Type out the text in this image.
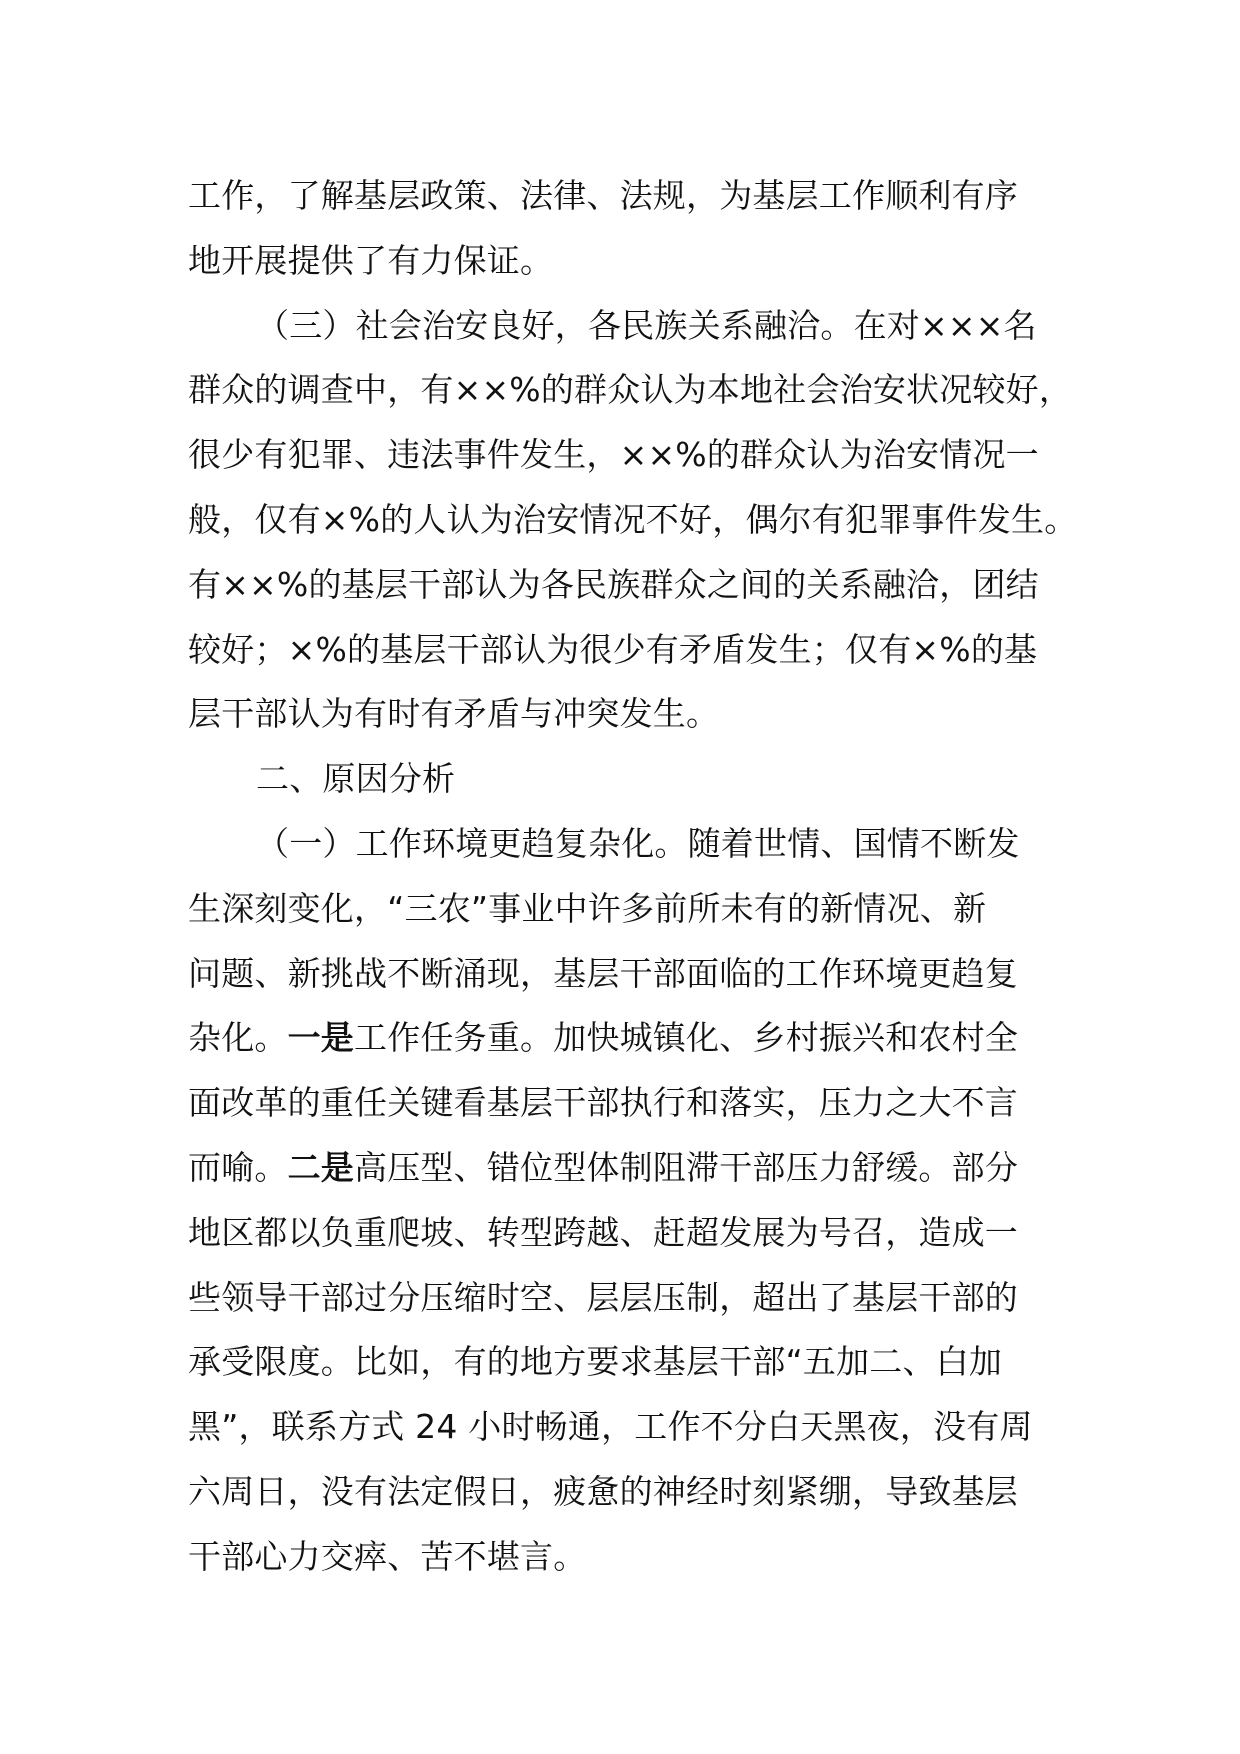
工作，了解基层政策、法律、法规，为基层工作顺利有序
地开展提供了有力保证。
（三）社会治安良好，各民族关系融洽。在对×××名
群众的调查中，有××%的群众认为本地社会治安状况较好，
很少有犯罪、违法事件发生，××%的群众认为治安情况一
般，仅有×%的人认为治安情况不好，偶尔有犯罪事件发生。
有××%的基层干部认为各民族群众之间的关系融洽，团结
较好；×%的基层干部认为很少有矛盾发生；仅有×%的基
层干部认为有时有矛盾与冲突发生。
二、原因分析
（一）工作环境更趋复杂化。随着世情、国情不断发
生深刻变化，“三农”事业中许多前所未有的新情况、新
问题、新挑战不断涌现，基层干部面临的工作环境更趋复
杂化。一是工作任务重。加快城镇化、乡村振兴和农村全
面改革的重任关键看基层干部执行和落实，压力之大不言
而喻。二是高压型、错位型体制阻滞干部压力舒缓。部分
地区都以负重爬坡、转型跨越、赶超发展为号召，造成一
些领导干部过分压缩时空、层层压制，超出了基层干部的
承受限度。比如，有的地方要求基层干部“五加二、白加
黑”，联系方式 24 小时畅通，工作不分白天黑夜，没有周
六周日，没有法定假日，疲惫的神经时刻紧绷，导致基层
干部心力交瘁、苦不堪言。
